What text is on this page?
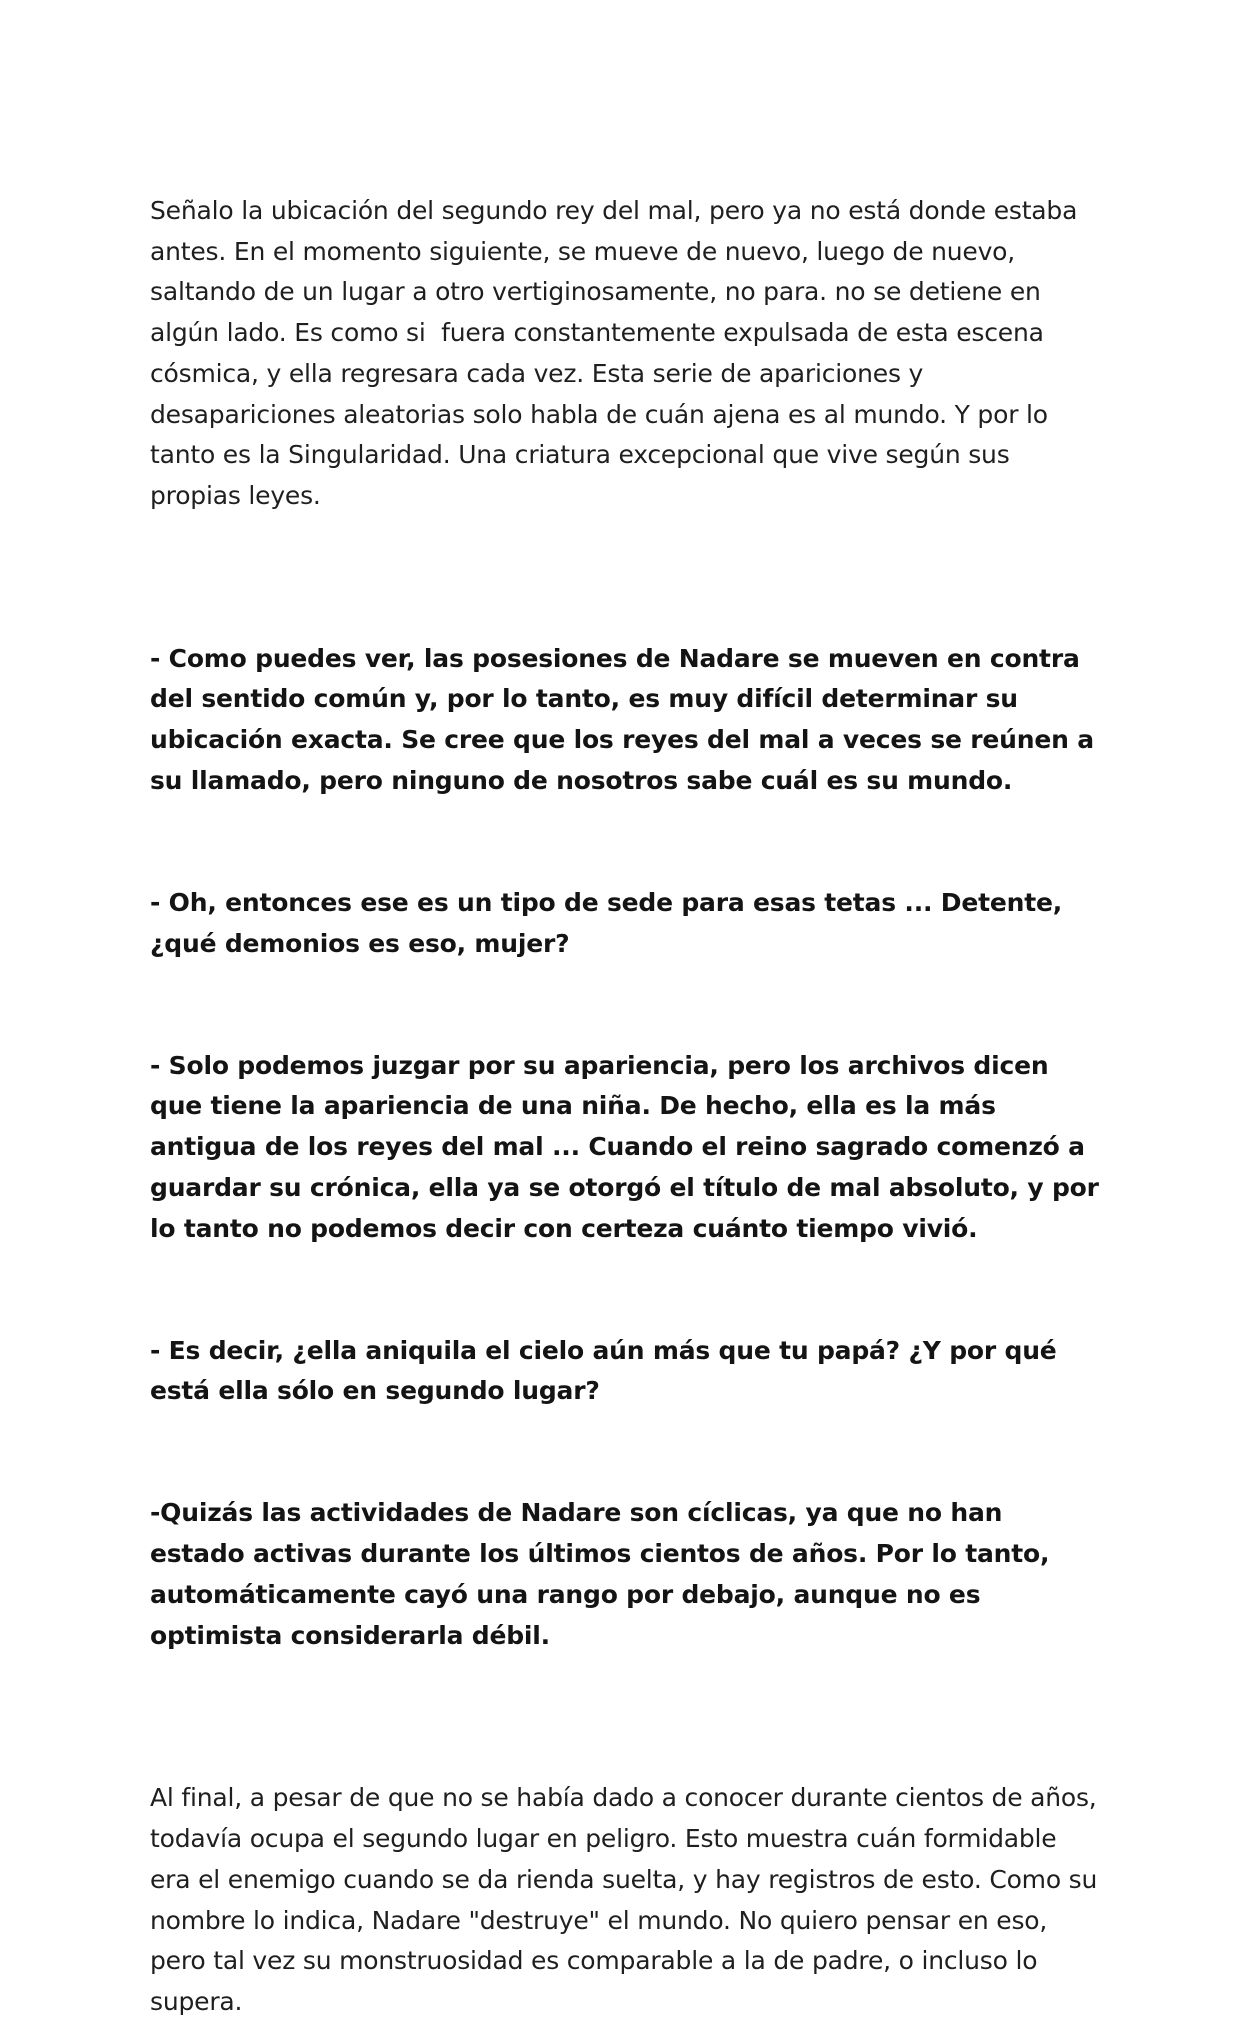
Señalo la ubicación del segundo rey del mal, pero ya no está donde estaba antes. En el momento siguiente, se mueve de nuevo, luego de nuevo, saltando de un lugar a otro vertiginosamente, no para. no se detiene en algún lado. Es como si  fuera constantemente expulsada de esta escena cósmica, y ella regresara cada vez. Esta serie de apariciones y desapariciones aleatorias solo habla de cuán ajena es al mundo. Y por lo tanto es la Singularidad. Una criatura excepcional que vive según sus propias leyes.

- Como puedes ver, las posesiones de Nadare se mueven en contra del sentido común y, por lo tanto, es muy difícil determinar su ubicación exacta. Se cree que los reyes del mal a veces se reúnen a su llamado, pero ninguno de nosotros sabe cuál es su mundo.

- Oh, entonces ese es un tipo de sede para esas tetas ... Detente, ¿qué demonios es eso, mujer?

- Solo podemos juzgar por su apariencia, pero los archivos dicen que tiene la apariencia de una niña. De hecho, ella es la más antigua de los reyes del mal ... Cuando el reino sagrado comenzó a guardar su crónica, ella ya se otorgó el título de mal absoluto, y por lo tanto no podemos decir con certeza cuánto tiempo vivió.

- Es decir, ¿ella aniquila el cielo aún más que tu papá? ¿Y por qué está ella sólo en segundo lugar?

-Quizás las actividades de Nadare son cíclicas, ya que no han estado activas durante los últimos cientos de años. Por lo tanto, automáticamente cayó una rango por debajo, aunque no es optimista considerarla débil.

Al final, a pesar de que no se había dado a conocer durante cientos de años, todavía ocupa el segundo lugar en peligro. Esto muestra cuán formidable era el enemigo cuando se da rienda suelta, y hay registros de esto. Como su nombre lo indica, Nadare "destruye" el mundo. No quiero pensar en eso, pero tal vez su monstruosidad es comparable a la de padre, o incluso lo supera.
